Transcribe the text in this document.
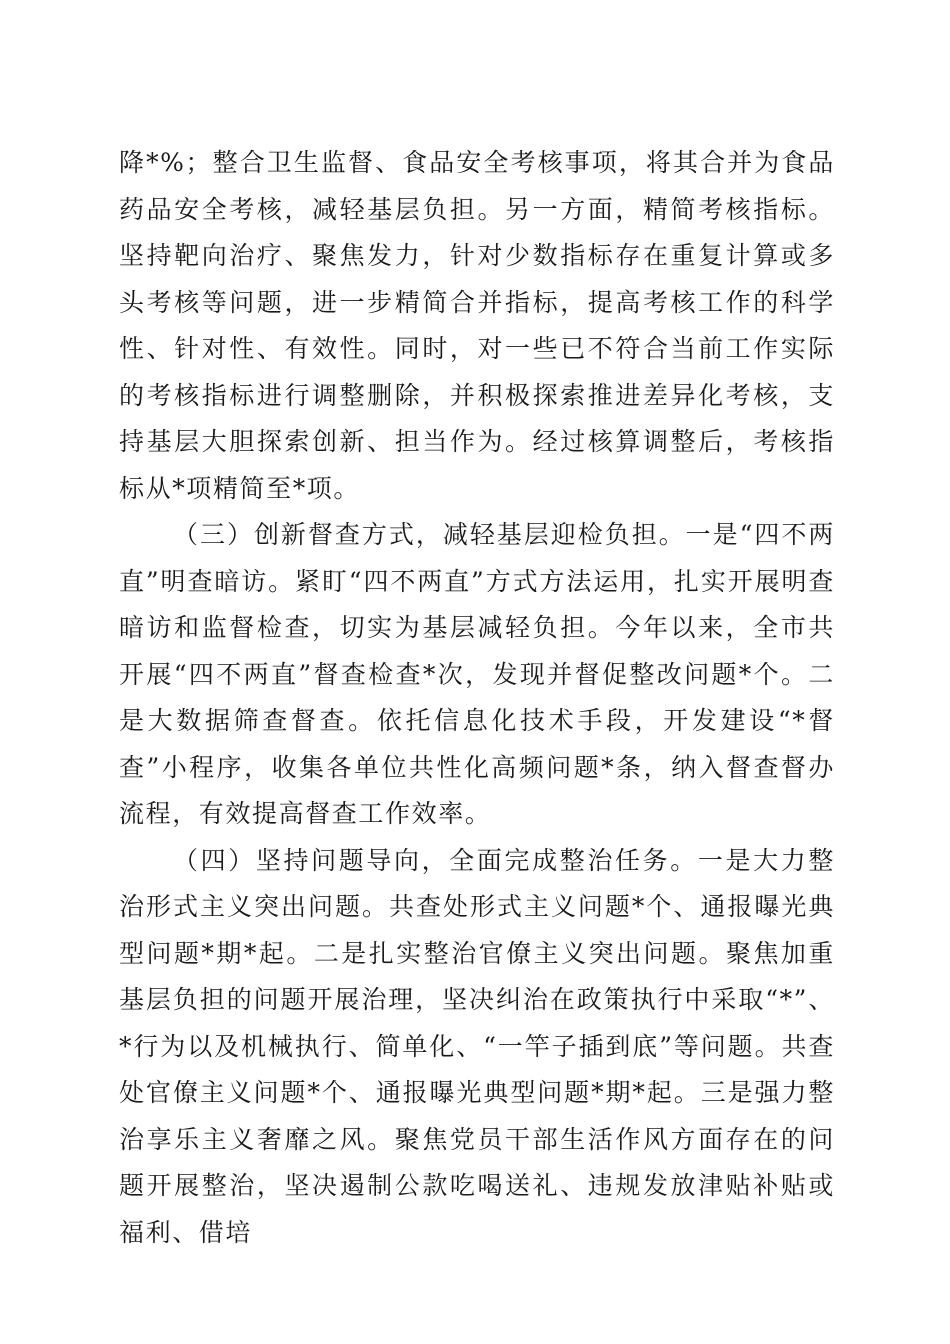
降*%；整合卫生监督、食品安全考核事项，将其合并为食品药品安全考核，减轻基层负担。另一方面，精简考核指标。坚持靶向治疗、聚焦发力，针对少数指标存在重复计算或多头考核等问题，进一步精简合并指标，提高考核工作的科学性、针对性、有效性。同时，对一些已不符合当前工作实际的考核指标进行调整删除，并积极探索推进差异化考核，支持基层大胆探索创新、担当作为。经过核算调整后，考核指标从*项精简至*项。

（三）创新督查方式，减轻基层迎检负担。一是“四不两直”明查暗访。紧盯“四不两直”方式方法运用，扎实开展明查暗访和监督检查，切实为基层减轻负担。今年以来，全市共开展“四不两直”督查检查*次，发现并督促整改问题*个。二是大数据筛查督查。依托信息化技术手段，开发建设“*督查”小程序，收集各单位共性化高频问题*条，纳入督查督办流程，有效提高督查工作效率。

（四）坚持问题导向，全面完成整治任务。一是大力整治形式主义突出问题。共查处形式主义问题*个、通报曝光典型问题*期*起。二是扎实整治官僚主义突出问题。聚焦加重基层负担的问题开展治理，坚决纠治在政策执行中采取“*”、*行为以及机械执行、简单化、“一竿子插到底”等问题。共查处官僚主义问题*个、通报曝光典型问题*期*起。三是强力整治享乐主义奢靡之风。聚焦党员干部生活作风方面存在的问题开展整治，坚决遏制公款吃喝送礼、违规发放津贴补贴或福利、借培
